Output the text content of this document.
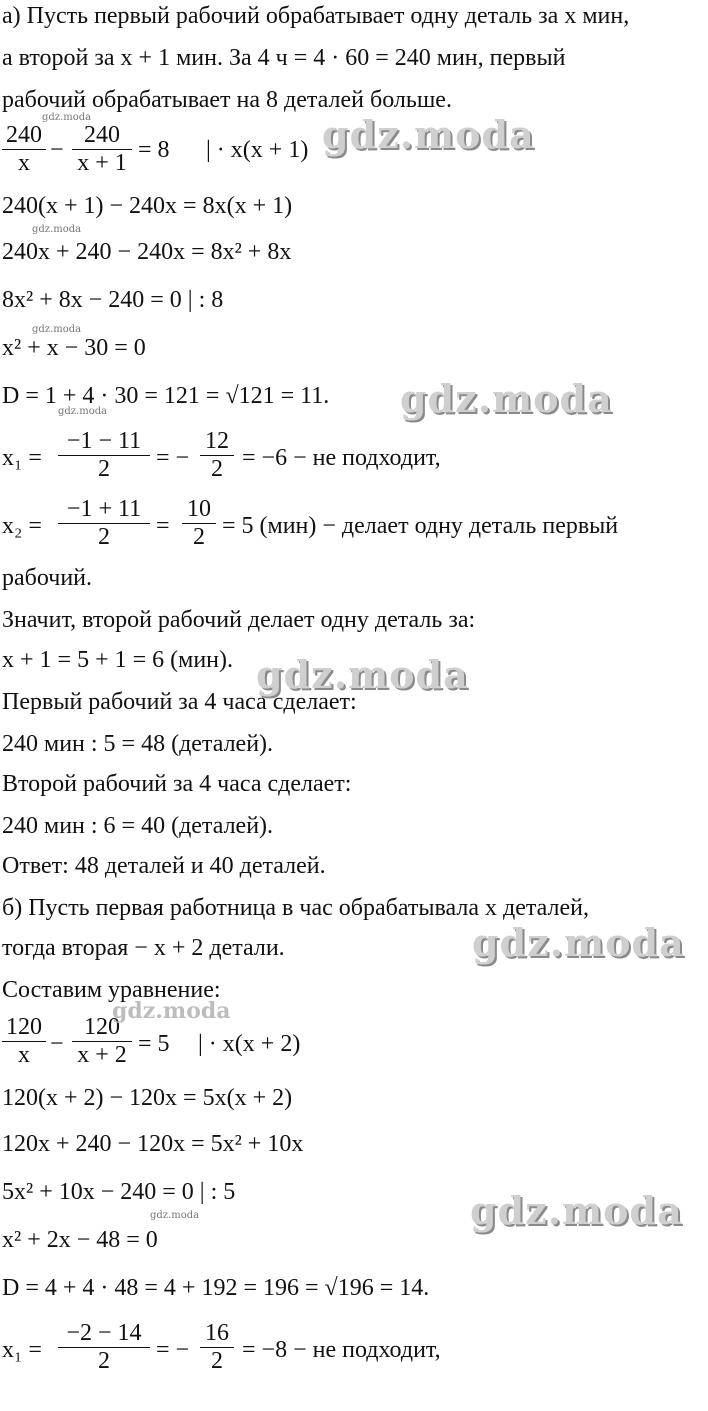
а) Пусть первый рабочий обрабатывает одну деталь за x мин,
а второй за x + 1 мин. За 4 ч = 4 · 60 = 240 мин, первый
рабочий обрабатывает на 8 деталей больше.
$\frac{240}{x} - \frac{240}{x + 1} = 8$ | · x(x + 1)
240(x + 1) − 240x = 8x(x + 1)
240x + 240 − 240x = 8x² + 8x
8x² + 8x − 240 = 0 | : 8
x² + x − 30 = 0
D = 1 + 4 · 30 = 121 = √121 = 11.
$x_1 = \frac{-1 - 11}{2}$ = − $\frac{12}{2} = -6$ − не подходит,
$x_2 = \frac{-1 + 11}{2} = \frac{10}{2} = 5$ (мин) − делает одну деталь первый
рабочий.
Значит, второй рабочий делает одну деталь за:
x + 1 = 5 + 1 = 6 (мин).
Первый рабочий за 4 часа сделает:
240 мин : 5 = 48 (деталей).
Второй рабочий за 4 часа сделает:
240 мин : 6 = 40 (деталей).
Ответ: 48 деталей и 40 деталей.
б) Пусть первая работница в час обрабатывала x деталей,
тогда вторая − x + 2 детали.
Составим уравнение:
$\frac{120}{x} - \frac{120}{x + 2} = 5$ | · x(x + 2)
120(x + 2) − 120x = 5x(x + 2)
120x + 240 − 120x = 5x² + 10x
5x² + 10x − 240 = 0 | : 5
x² + 2x − 48 = 0
D = 4 + 4 · 48 = 4 + 192 = 196 = √196 = 14.
$x_1 = \frac{-2 - 14}{2}$ = − $\frac{16}{2} = -8$ − не подходит,
gdz.moda
gdz.moda
gdz.moda
gdz.moda
gdz.moda
gdz.moda
gdz.moda
gdz.moda
gdz.moda
gdz.moda
gdz.moda
